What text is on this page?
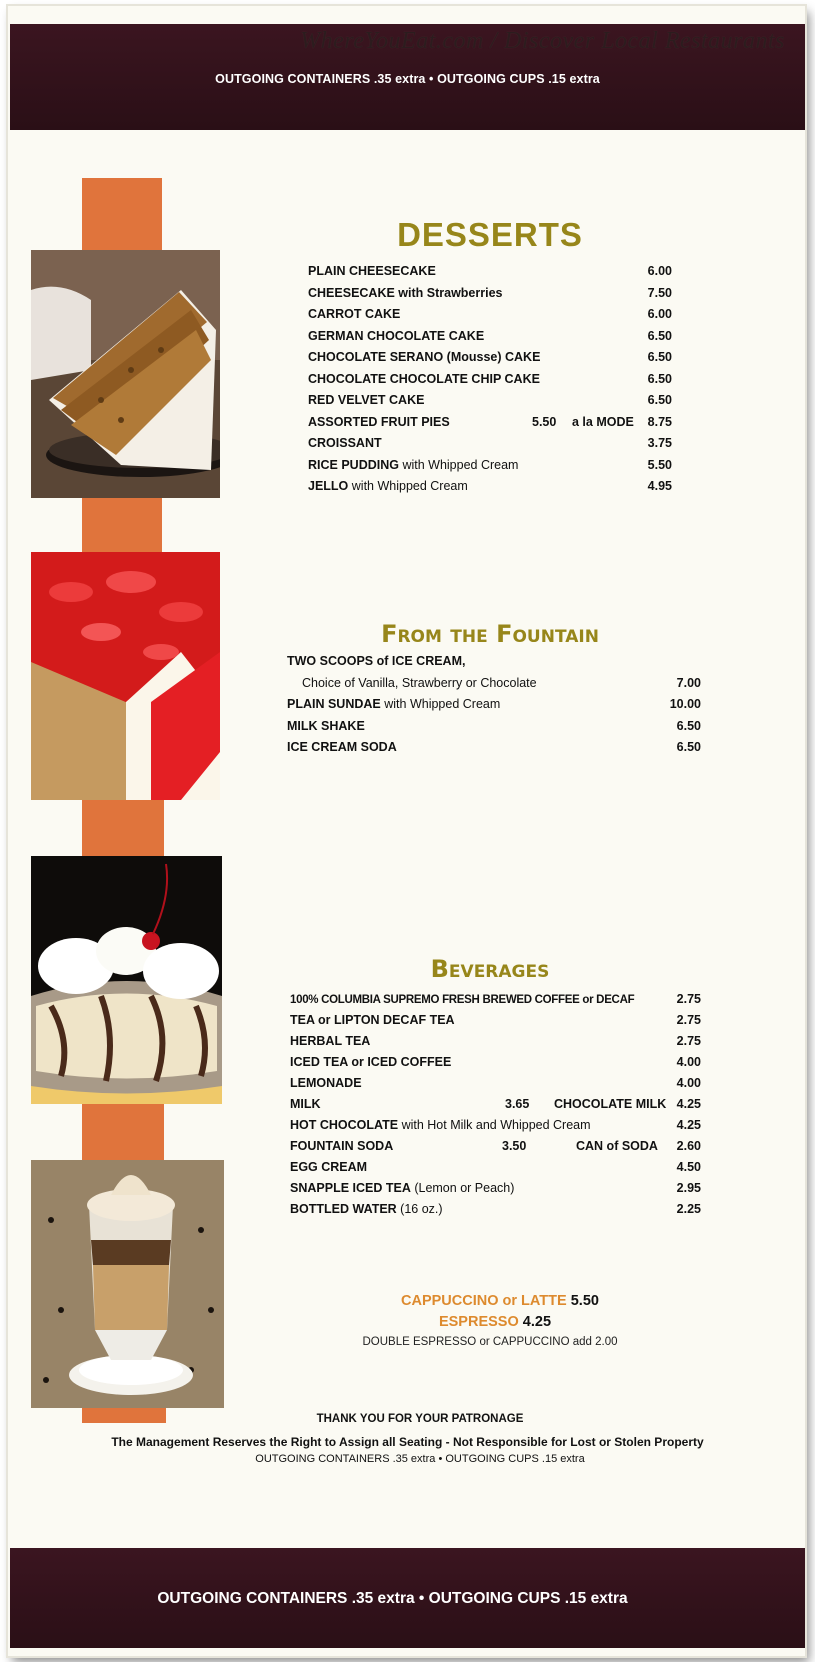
WhereYouEat.com / Discover Local Restaurants
OUTGOING CONTAINERS .35 extra • OUTGOING CUPS .15 extra
DESSERTS
PLAIN CHEESECAKE	6.00
CHEESECAKE with Strawberries	7.50
CARROT CAKE	6.00
GERMAN CHOCOLATE CAKE	6.50
CHOCOLATE SERANO (Mousse) CAKE	6.50
CHOCOLATE CHOCOLATE CHIP CAKE	6.50
RED VELVET CAKE	6.50
ASSORTED FRUIT PIES	5.50 a la MODE 8.75
CROISSANT	3.75
RICE PUDDING with Whipped Cream	5.50
JELLO with Whipped Cream	4.95
From the Fountain
TWO SCOOPS of ICE CREAM,
Choice of Vanilla, Strawberry or Chocolate	7.00
PLAIN SUNDAE with Whipped Cream	10.00
MILK SHAKE	6.50
ICE CREAM SODA	6.50
Beverages
100% COLUMBIA SUPREMO FRESH BREWED COFFEE or DECAF	2.75
TEA or LIPTON DECAF TEA	2.75
HERBAL TEA	2.75
ICED TEA or ICED COFFEE	4.00
LEMONADE	4.00
MILK	3.65 CHOCOLATE MILK 4.25
HOT CHOCOLATE with Hot Milk and Whipped Cream	4.25
FOUNTAIN SODA	3.50	CAN of SODA 2.60
EGG CREAM	4.50
SNAPPLE ICED TEA (Lemon or Peach)	2.95
BOTTLED WATER (16 oz.)	2.25
CAPPUCCINO or LATTE 5.50
ESPRESSO 4.25
DOUBLE ESPRESSO or CAPPUCCINO add 2.00
THANK YOU FOR YOUR PATRONAGE
The Management Reserves the Right to Assign all Seating - Not Responsible for Lost or Stolen Property
OUTGOING CONTAINERS .35 extra • OUTGOING CUPS .15 extra
OUTGOING CONTAINERS .35 extra • OUTGOING CUPS .15 extra
